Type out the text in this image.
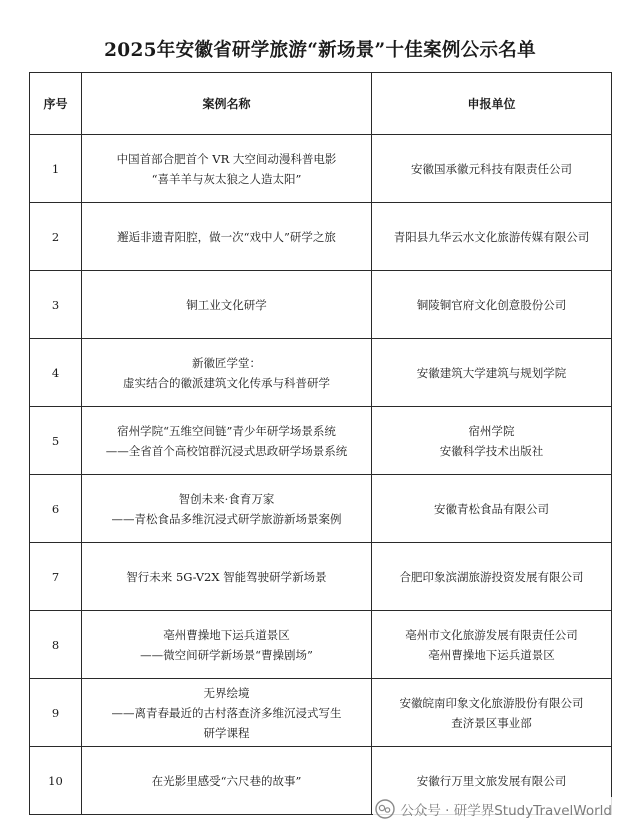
2025年安徽省研学旅游“新场景”十佳案例公示名单
序号	案例名称	申报单位
1	中国首部合肥首个 VR 大空间动漫科普电影
“喜羊羊与灰太狼之人造太阳”	安徽国承徽元科技有限责任公司

2	邂逅非遗青阳腔，做一次“戏中人”研学之旅	青阳县九华云水文化旅游传媒有限公司

3	铜工业文化研学	铜陵铜官府文化创意股份公司

4	新徽匠学堂：
虚实结合的徽派建筑文化传承与科普研学	安徽建筑大学建筑与规划学院

5	宿州学院“五维空间链”青少年研学场景系统
——全省首个高校馆群沉浸式思政研学场景系统	宿州学院
安徽科学技术出版社

6	智创未来·食育万家
——青松食品多维沉浸式研学旅游新场景案例	安徽青松食品有限公司

7	智行未来 5G-V2X 智能驾驶研学新场景	合肥印象滨湖旅游投资发展有限公司

8	亳州曹操地下运兵道景区
——微空间研学新场景“曹操剧场”	亳州市文化旅游发展有限责任公司
亳州曹操地下运兵道景区

9	无界绘境
——离青春最近的古村落查济多维沉浸式写生
研学课程	安徽皖南印象文化旅游股份有限公司
查济景区事业部

10	在光影里感受“六尺巷的故事”	安徽行万里文旅发展有限公司
公众号 · 研学界StudyTravelWorld
